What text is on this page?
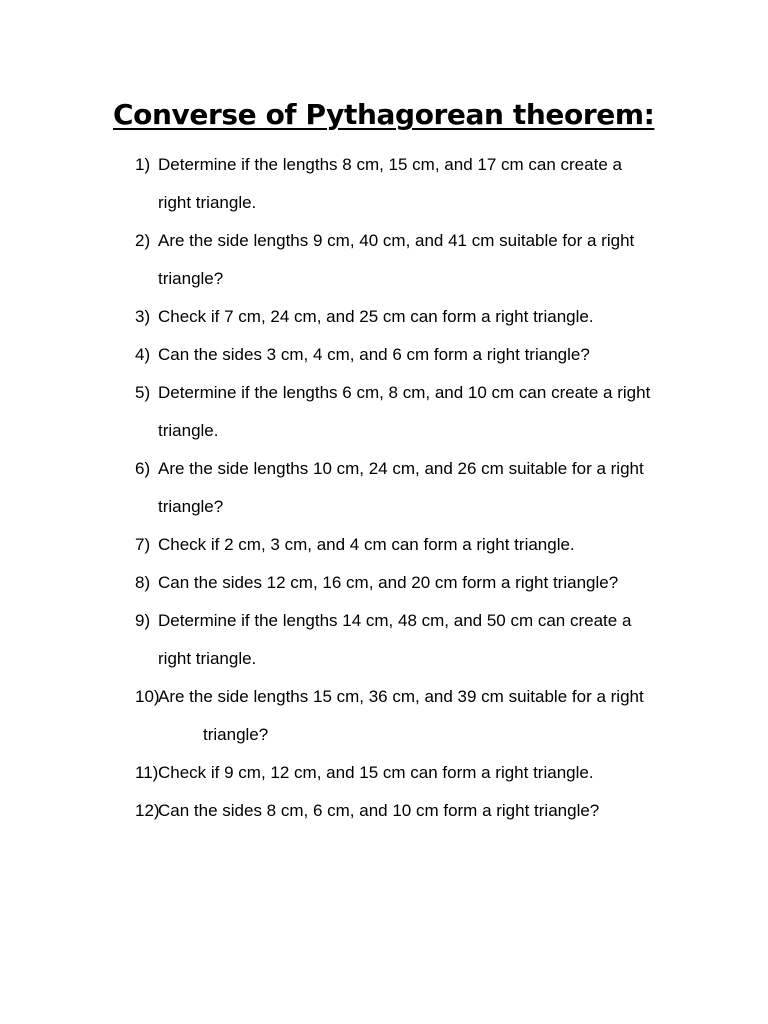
Converse of Pythagorean theorem:
1) Determine if the lengths 8 cm, 15 cm, and 17 cm can create a right triangle.
2) Are the side lengths 9 cm, 40 cm, and 41 cm suitable for a right triangle?
3) Check if 7 cm, 24 cm, and 25 cm can form a right triangle.
4) Can the sides 3 cm, 4 cm, and 6 cm form a right triangle?
5) Determine if the lengths 6 cm, 8 cm, and 10 cm can create a right triangle.
6) Are the side lengths 10 cm, 24 cm, and 26 cm suitable for a right triangle?
7) Check if 2 cm, 3 cm, and 4 cm can form a right triangle.
8) Can the sides 12 cm, 16 cm, and 20 cm form a right triangle?
9) Determine if the lengths 14 cm, 48 cm, and 50 cm can create a right triangle.
10)
Are the side lengths 15 cm, 36 cm, and 39 cm suitable for a right triangle?
11) Check if 9 cm, 12 cm, and 15 cm can form a right triangle.
12)
Can the sides 8 cm, 6 cm, and 10 cm form a right triangle?
